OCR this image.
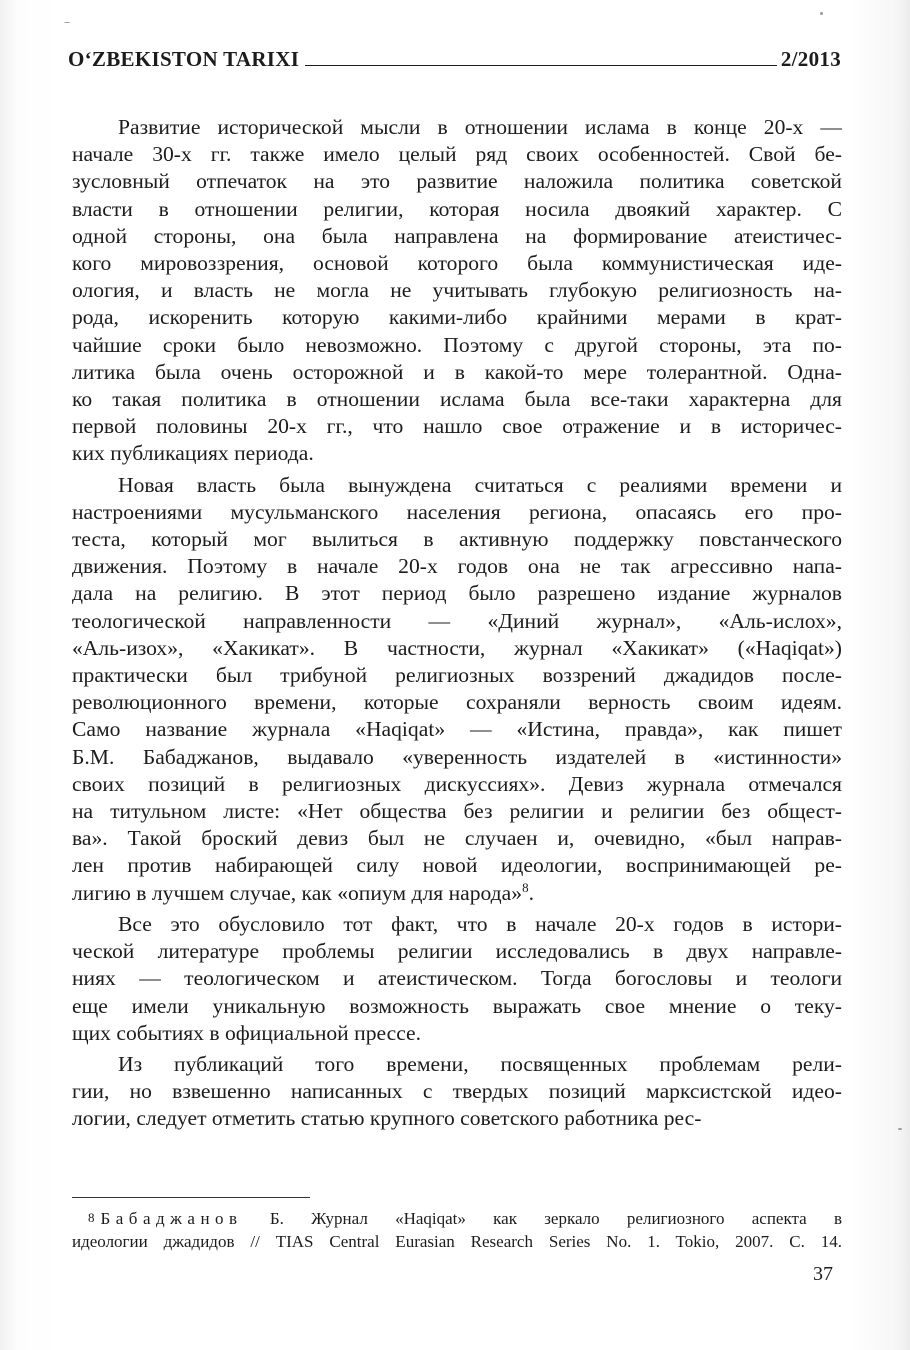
O‘ZBEKISTON TARIXI	2/2013
Развитие исторической мысли в отношении ислама в конце 20-х —
начале 30-х гг. также имело целый ряд своих особенностей. Свой бе-
зусловный отпечаток на это развитие наложила политика советской
власти в отношении религии, которая носила двоякий характер. С
одной стороны, она была направлена на формирование атеистичес-
кого мировоззрения, основой которого была коммунистическая иде-
ология, и власть не могла не учитывать глубокую религиозность на-
рода, искоренить которую какими-либо крайними мерами в крат-
чайшие сроки было невозможно. Поэтому с другой стороны, эта по-
литика была очень осторожной и в какой-то мере толерантной. Одна-
ко такая политика в отношении ислама была все-таки характерна для
первой половины 20-х гг., что нашло свое отражение и в историчес-
ких публикациях периода.
Новая власть была вынуждена считаться с реалиями времени и
настроениями мусульманского населения региона, опасаясь его про-
теста, который мог вылиться в активную поддержку повстанческого
движения. Поэтому в начале 20-х годов она не так агрессивно напа-
дала на религию. В этот период было разрешено издание журналов
теологической направленности — «Диний журнал», «Аль-ислох»,
«Аль-изох», «Хакикат». В частности, журнал «Хакикат» («Haqiqat»)
практически был трибуной религиозных воззрений джадидов после-
революционного времени, которые сохраняли верность своим идеям.
Само название журнала «Haqiqat» — «Истина, правда», как пишет
Б.М. Бабаджанов, выдавало «уверенность издателей в «истинности»
своих позиций в религиозных дискуссиях». Девиз журнала отмечался
на титульном листе: «Нет общества без религии и религии без общест-
ва». Такой броский девиз был не случаен и, очевидно, «был направ-
лен против набирающей силу новой идеологии, воспринимающей ре-
лигию в лучшем случае, как «опиум для народа»$^8$.
Все это обусловило тот факт, что в начале 20-х годов в истори-
ческой литературе проблемы религии исследовались в двух направле-
ниях — теологическом и атеистическом. Тогда богословы и теологи
еще имели уникальную возможность выражать свое мнение о теку-
щих событиях в официальной прессе.
Из публикаций того времени, посвященных проблемам рели-
гии, но взвешенно написанных с твердых позиций марксистской идео-
логии, следует отметить статью крупного советского работника рес-
$^8$ Бабаджанов Б. Журнал «Haqiqat» как зеркало религиозного аспекта в
идеологии джадидов // TIAS Central Eurasian Research Series No. 1. Tokio, 2007. С. 14.
37
